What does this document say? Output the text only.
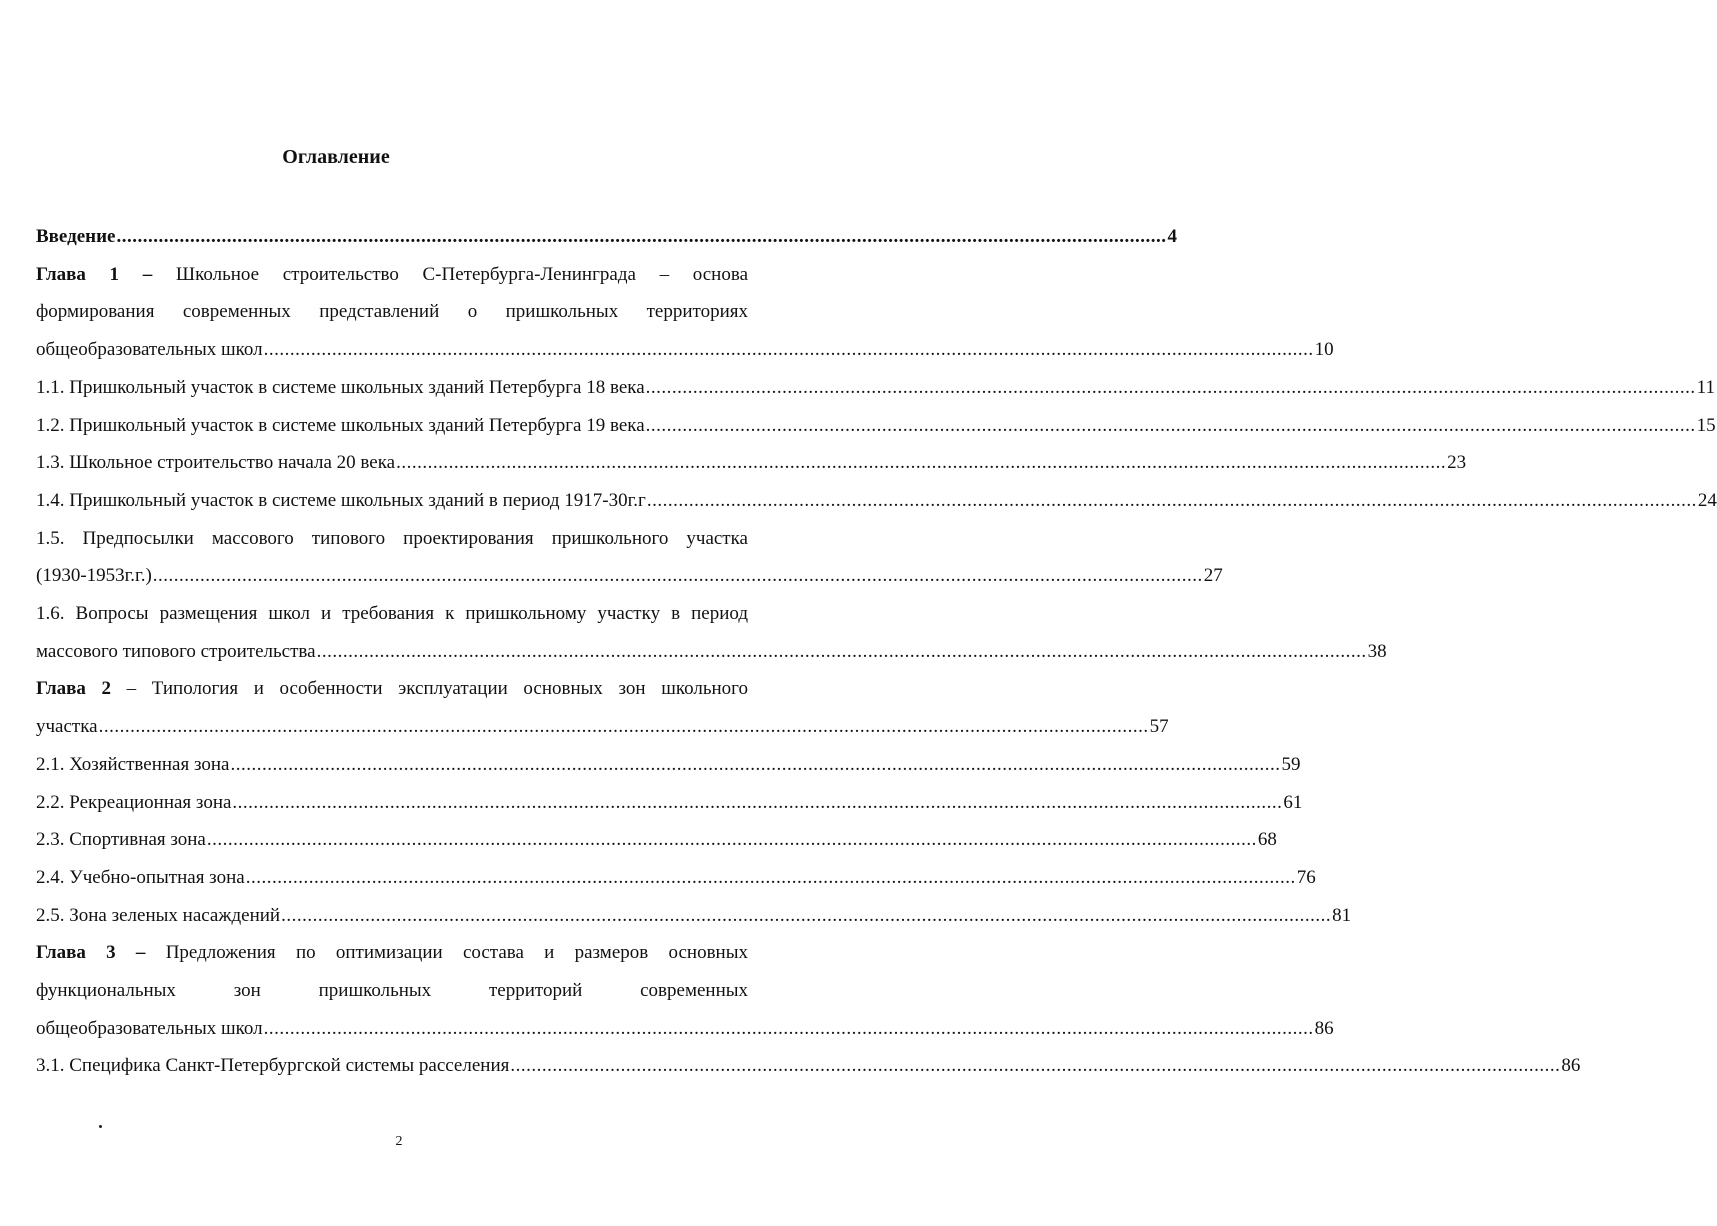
Оглавление
Введение ........................................................................................................................................................................................................ 4
Глава 1 – Школьное строительство С-Петербурга-Ленинграда – основа
формирования современных представлений о пришкольных территориях
общеобразовательных школ ........................................................................................................................................................................................................ 10
1.1. Пришкольный участок в системе школьных зданий Петербурга 18 века ........................................................................................................................................................................................................ 11
1.2. Пришкольный участок в системе школьных зданий Петербурга 19 века ........................................................................................................................................................................................................ 15
1.3. Школьное строительство начала 20 века ........................................................................................................................................................................................................ 23
1.4. Пришкольный участок в системе школьных зданий в период 1917-30г.г ........................................................................................................................................................................................................ 24
1.5. Предпосылки массового типового проектирования пришкольного участка
(1930-1953г.г.) ........................................................................................................................................................................................................ 27
1.6. Вопросы размещения школ и требования к пришкольному участку в период
массового типового строительства ........................................................................................................................................................................................................ 38
Глава 2 – Типология и особенности эксплуатации основных зон школьного
участка ........................................................................................................................................................................................................ 57
2.1. Хозяйственная зона ........................................................................................................................................................................................................ 59
2.2. Рекреационная зона ........................................................................................................................................................................................................ 61
2.3. Спортивная зона ........................................................................................................................................................................................................ 68
2.4. Учебно-опытная зона ........................................................................................................................................................................................................ 76
2.5. Зона зеленых насаждений ........................................................................................................................................................................................................ 81
Глава 3 – Предложения по оптимизации состава и размеров основных
функциональных зон пришкольных территорий современных
общеобразовательных школ ........................................................................................................................................................................................................ 86
3.1. Специфика Санкт-Петербургской системы расселения ........................................................................................................................................................................................................ 86
2
